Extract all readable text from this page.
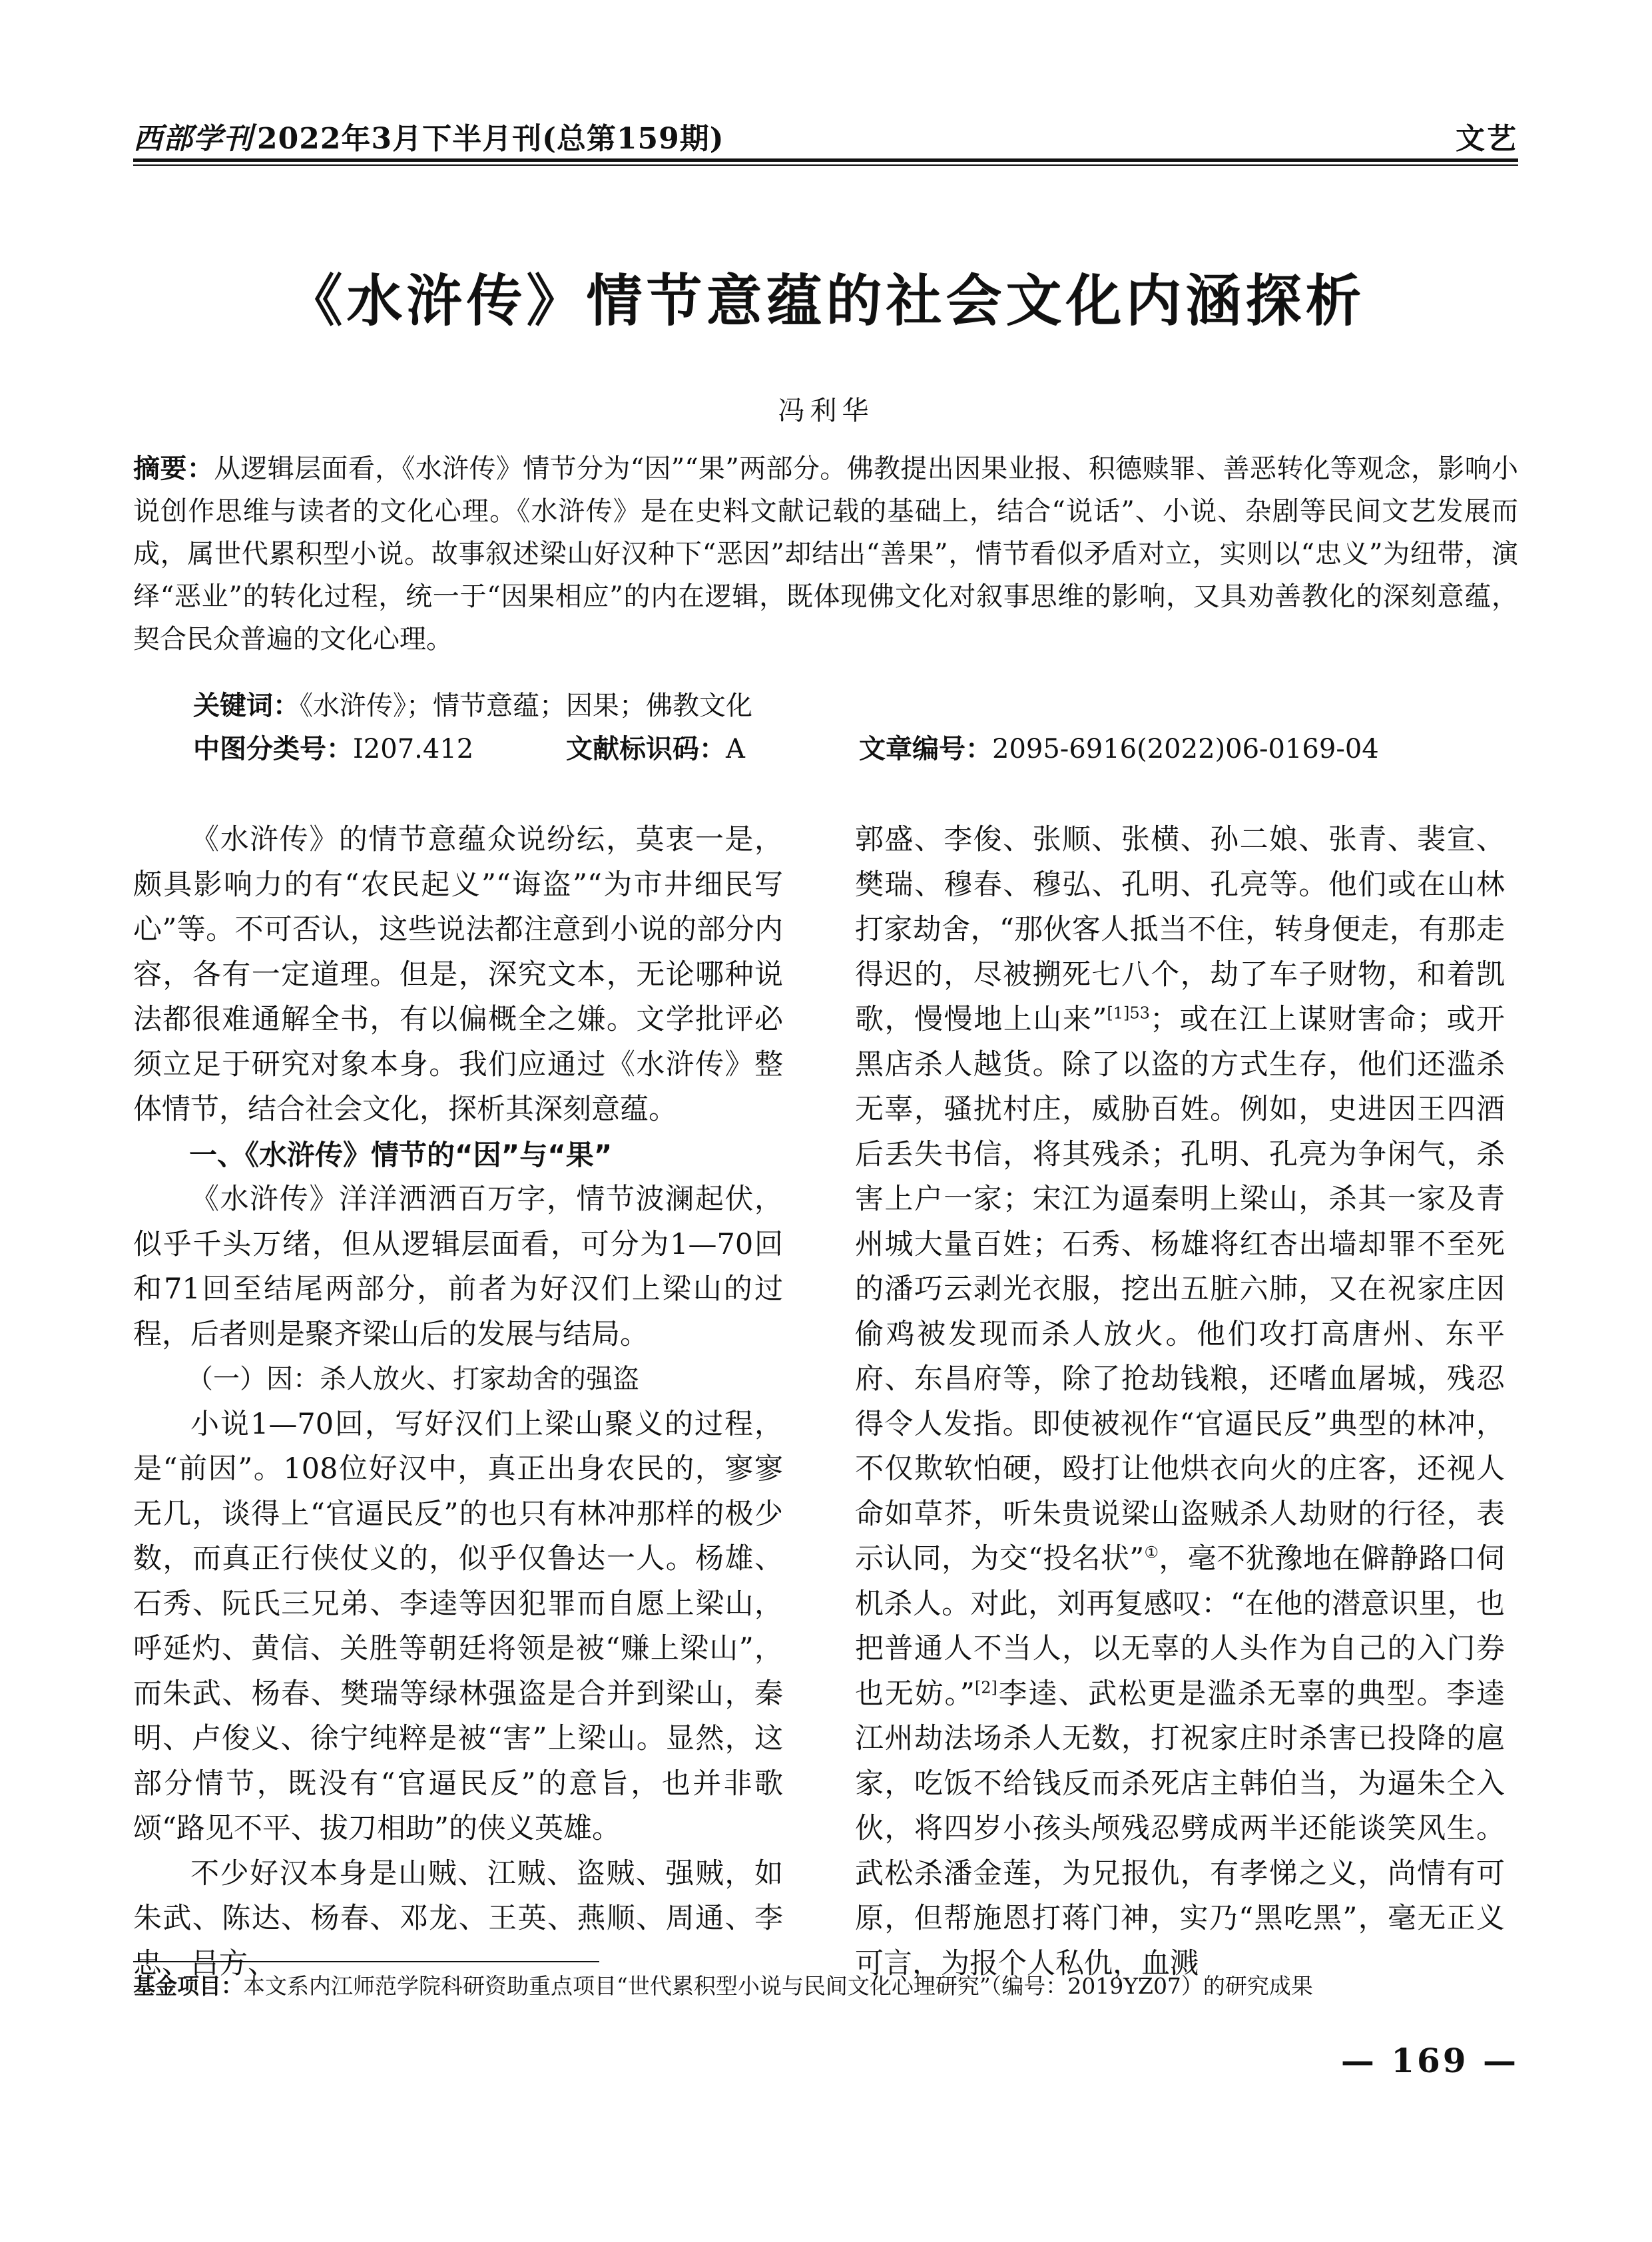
西部学刊 2022年3月下半月刊(总第159期)	文艺
《水浒传》情节意蕴的社会文化内涵探析
冯利华
摘要：从逻辑层面看，《水浒传》情节分为“因”“果”两部分。佛教提出因果业报、积德赎罪、善恶转化等观念，影响小说创作思维与读者的文化心理。《水浒传》是在史料文献记载的基础上，结合“说话”、小说、杂剧等民间文艺发展而成，属世代累积型小说。故事叙述梁山好汉种下“恶因”却结出“善果”，情节看似矛盾对立，实则以“忠义”为纽带，演绎“恶业”的转化过程，统一于“因果相应”的内在逻辑，既体现佛文化对叙事思维的影响，又具劝善教化的深刻意蕴，契合民众普遍的文化心理。
关键词：《水浒传》；情节意蕴；因果；佛教文化
中图分类号：I207.412	文献标识码：A	文章编号：2095-6916(2022)06-0169-04

《水浒传》的情节意蕴众说纷纭，莫衷一是，颇具影响力的有“农民起义”“诲盗”“为市井细民写心”等。不可否认，这些说法都注意到小说的部分内容，各有一定道理。但是，深究文本，无论哪种说法都很难通解全书，有以偏概全之嫌。文学批评必须立足于研究对象本身。我们应通过《水浒传》整体情节，结合社会文化，探析其深刻意蕴。

一、《水浒传》情节的“因”与“果”

《水浒传》洋洋洒洒百万字，情节波澜起伏，似乎千头万绪，但从逻辑层面看，可分为1—70回和71回至结尾两部分，前者为好汉们上梁山的过程，后者则是聚齐梁山后的发展与结局。

（一）因：杀人放火、打家劫舍的强盗

小说1—70回，写好汉们上梁山聚义的过程，是“前因”。108位好汉中，真正出身农民的，寥寥无几，谈得上“官逼民反”的也只有林冲那样的极少数，而真正行侠仗义的，似乎仅鲁达一人。杨雄、石秀、阮氏三兄弟、李逵等因犯罪而自愿上梁山，呼延灼、黄信、关胜等朝廷将领是被“赚上梁山”，而朱武、杨春、樊瑞等绿林强盗是合并到梁山，秦明、卢俊义、徐宁纯粹是被“害”上梁山。显然，这部分情节，既没有“官逼民反”的意旨，也并非歌颂“路见不平、拔刀相助”的侠义英雄。

不少好汉本身是山贼、江贼、盗贼、强贼，如朱武、陈达、杨春、邓龙、王英、燕顺、周通、李忠、吕方、

郭盛、李俊、张顺、张横、孙二娘、张青、裴宣、樊瑞、穆春、穆弘、孔明、孔亮等。他们或在山林打家劫舍，“那伙客人抵当不住，转身便走，有那走得迟的，尽被搠死七八个，劫了车子财物，和着凯歌，慢慢地上山来”$^{[1]53}$；或在江上谋财害命；或开黑店杀人越货。除了以盗的方式生存，他们还滥杀无辜，骚扰村庄，威胁百姓。例如，史进因王四酒后丢失书信，将其残杀；孔明、孔亮为争闲气，杀害上户一家；宋江为逼秦明上梁山，杀其一家及青州城大量百姓；石秀、杨雄将红杏出墙却罪不至死的潘巧云剥光衣服，挖出五脏六肺，又在祝家庄因偷鸡被发现而杀人放火。他们攻打高唐州、东平府、东昌府等，除了抢劫钱粮，还嗜血屠城，残忍得令人发指。即使被视作“官逼民反”典型的林冲，不仅欺软怕硬，殴打让他烘衣向火的庄客，还视人命如草芥，听朱贵说梁山盗贼杀人劫财的行径，表示认同，为交“投名状”①，毫不犹豫地在僻静路口伺机杀人。对此，刘再复感叹：“在他的潜意识里，也把普通人不当人，以无辜的人头作为自己的入门券也无妨。”[2]李逵、武松更是滥杀无辜的典型。李逵江州劫法场杀人无数，打祝家庄时杀害已投降的扈家，吃饭不给钱反而杀死店主韩伯当，为逼朱仝入伙，将四岁小孩头颅残忍劈成两半还能谈笑风生。武松杀潘金莲，为兄报仇，有孝悌之义，尚情有可原，但帮施恩打蒋门神，实乃“黑吃黑”，毫无正义可言，为报个人私仇，血溅

基金项目：本文系内江师范学院科研资助重点项目“世代累积型小说与民间文化心理研究”（编号：2019YZ07）的研究成果
— 169 —
